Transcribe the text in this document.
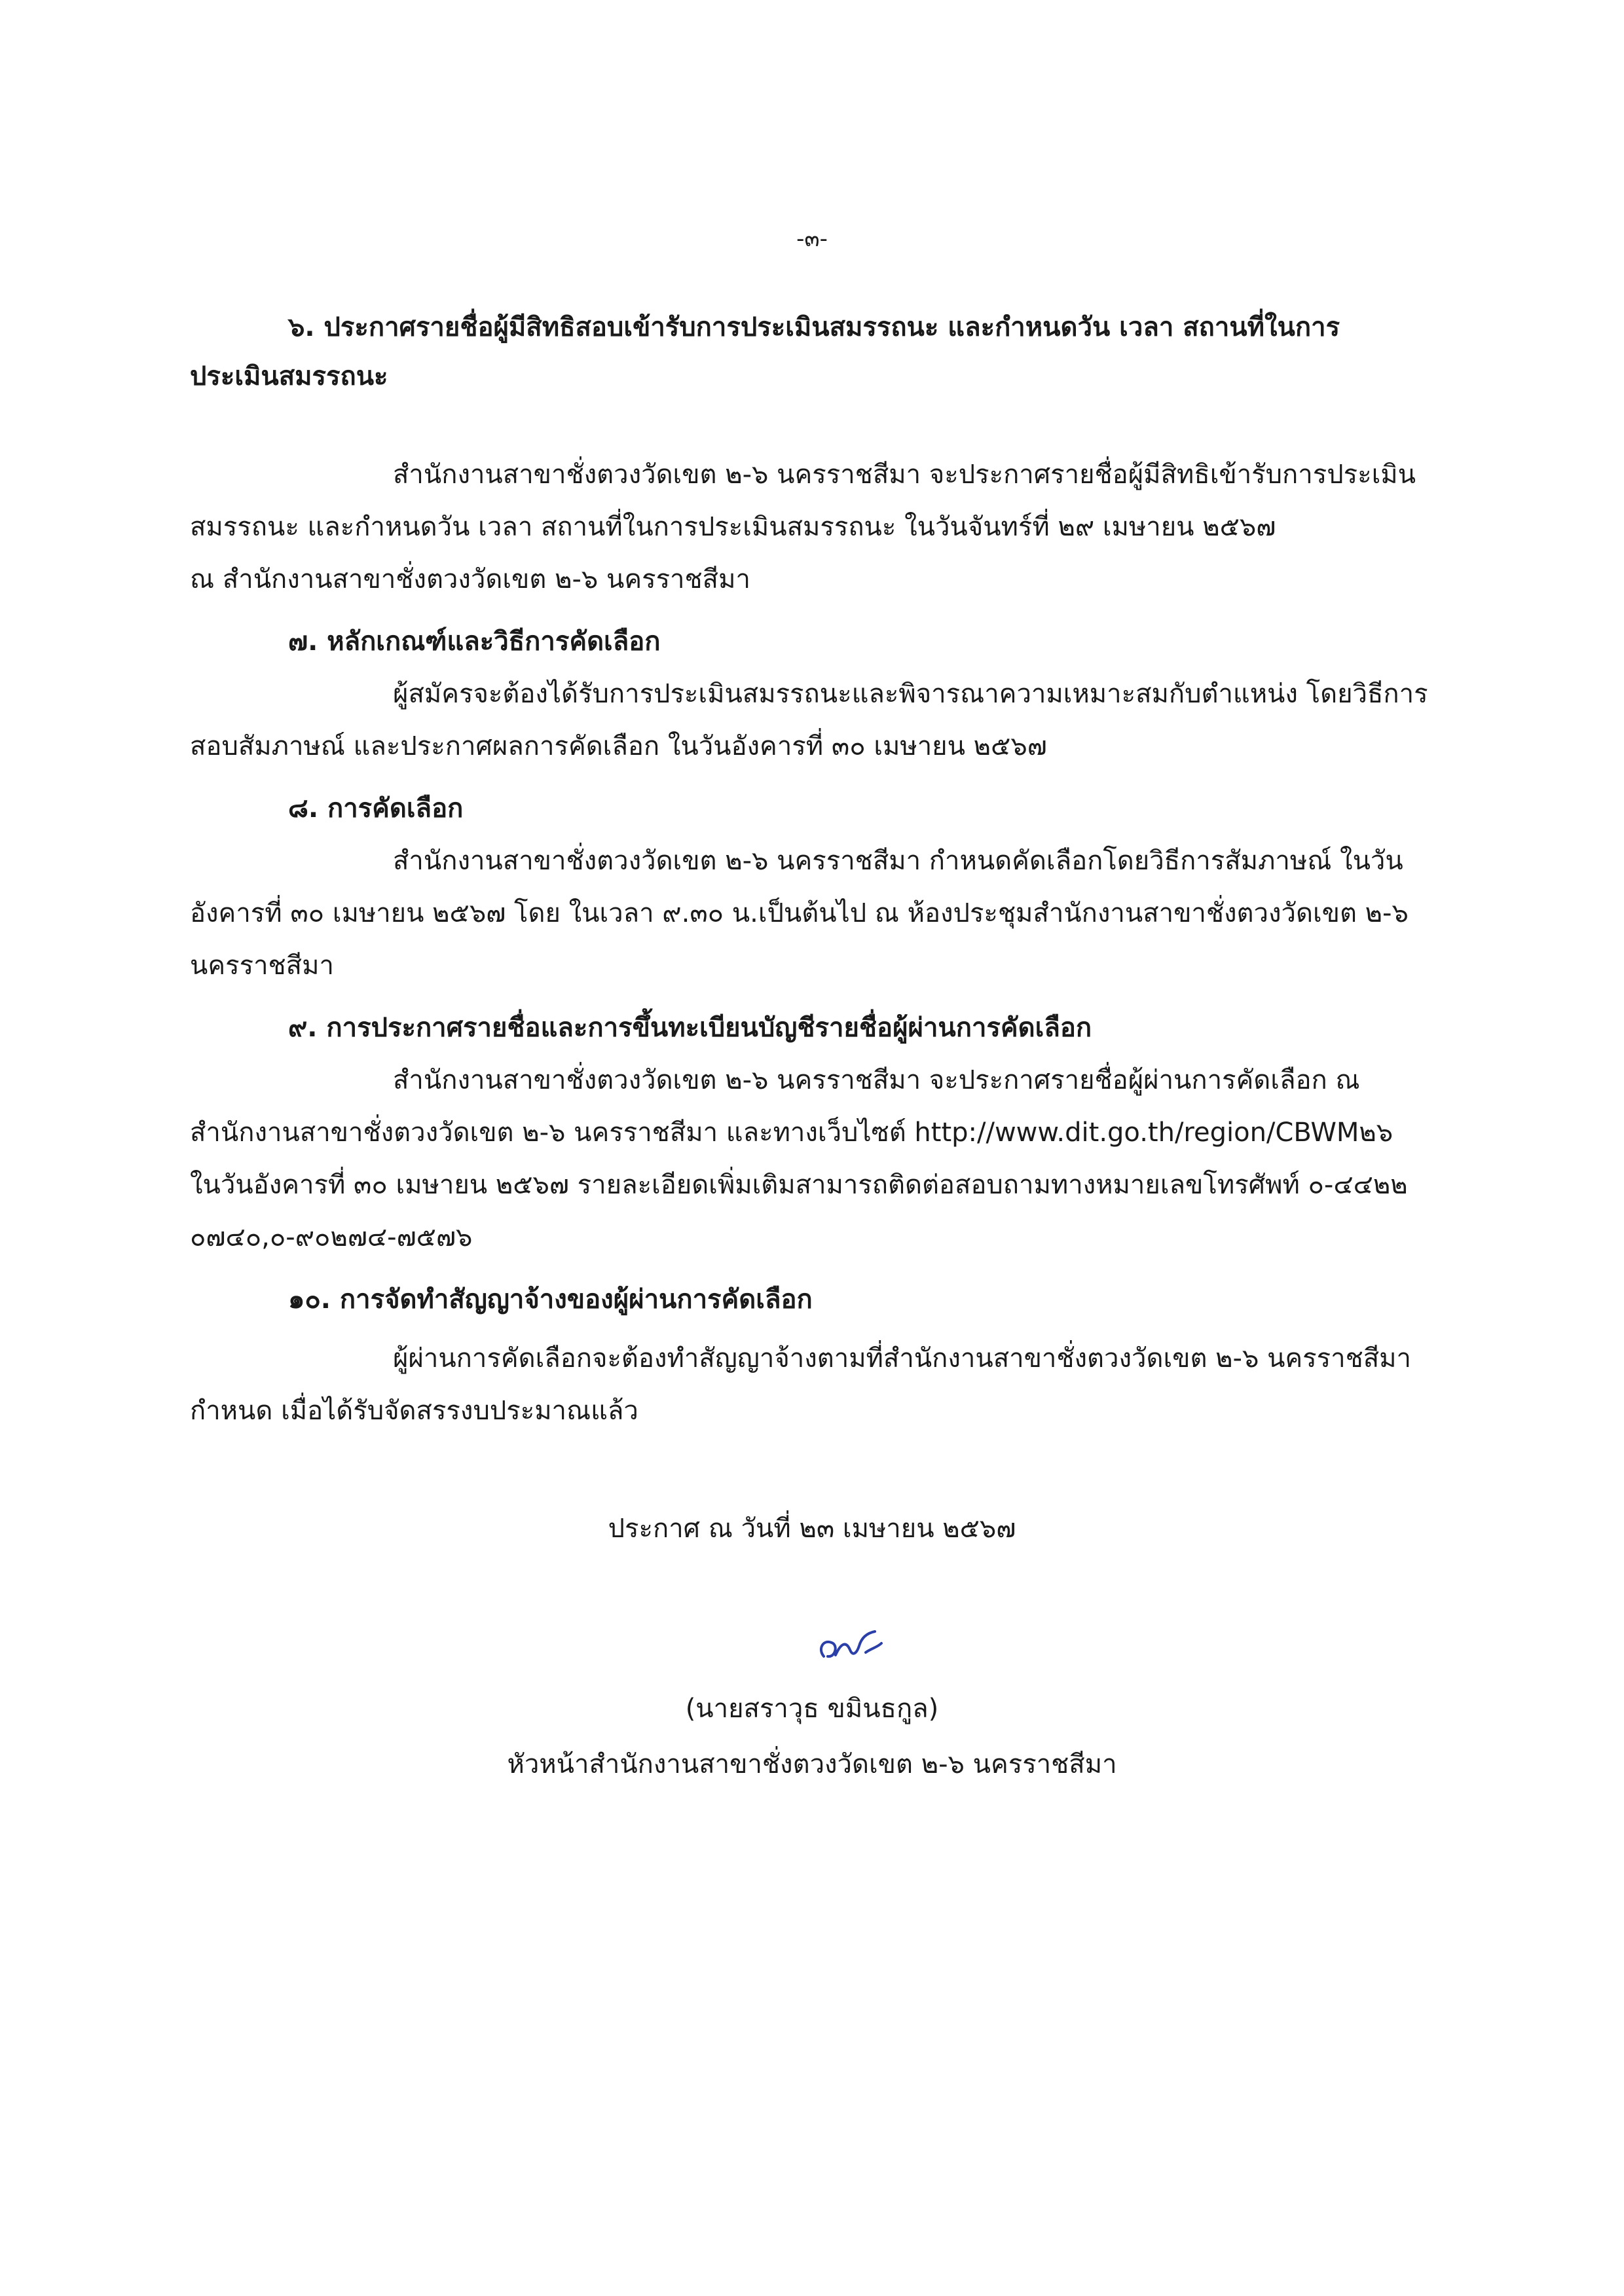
-๓-
๖. ประกาศรายชื่อผู้มีสิทธิสอบเข้ารับการประเมินสมรรถนะ และกำหนดวัน เวลา สถานที่ในการ
ประเมินสมรรถนะ
สำนักงานสาขาชั่งตวงวัดเขต ๒-๖ นครราชสีมา จะประกาศรายชื่อผู้มีสิทธิเข้ารับการประเมิน
สมรรถนะ และกำหนดวัน เวลา สถานที่ในการประเมินสมรรถนะ ในวันจันทร์ที่ ๒๙ เมษายน ๒๕๖๗
ณ สำนักงานสาขาชั่งตวงวัดเขต ๒-๖ นครราชสีมา
๗. หลักเกณฑ์และวิธีการคัดเลือก
ผู้สมัครจะต้องได้รับการประเมินสมรรถนะและพิจารณาความเหมาะสมกับตำแหน่ง โดยวิธีการ
สอบสัมภาษณ์ และประกาศผลการคัดเลือก ในวันอังคารที่ ๓๐ เมษายน ๒๕๖๗
๘. การคัดเลือก
สำนักงานสาขาชั่งตวงวัดเขต ๒-๖ นครราชสีมา กำหนดคัดเลือกโดยวิธีการสัมภาษณ์ ในวัน
อังคารที่ ๓๐ เมษายน ๒๕๖๗ โดย ในเวลา ๙.๓๐ น.เป็นต้นไป ณ ห้องประชุมสำนักงานสาขาชั่งตวงวัดเขต ๒-๖
นครราชสีมา
๙. การประกาศรายชื่อและการขึ้นทะเบียนบัญชีรายชื่อผู้ผ่านการคัดเลือก
สำนักงานสาขาชั่งตวงวัดเขต ๒-๖ นครราชสีมา จะประกาศรายชื่อผู้ผ่านการคัดเลือก ณ
สำนักงานสาขาชั่งตวงวัดเขต ๒-๖ นครราชสีมา และทางเว็บไซต์ http://www.dit.go.th/region/CBWM๒๖
ในวันอังคารที่ ๓๐ เมษายน ๒๕๖๗ รายละเอียดเพิ่มเติมสามารถติดต่อสอบถามทางหมายเลขโทรศัพท์ ๐-๔๔๒๒
๐๗๔๐,๐-๙๐๒๗๔-๗๕๗๖
๑๐. การจัดทำสัญญาจ้างของผู้ผ่านการคัดเลือก
ผู้ผ่านการคัดเลือกจะต้องทำสัญญาจ้างตามที่สำนักงานสาขาชั่งตวงวัดเขต ๒-๖ นครราชสีมา
กำหนด เมื่อได้รับจัดสรรงบประมาณแล้ว
ประกาศ ณ วันที่ ๒๓ เมษายน ๒๕๖๗
(นายสราวุธ ขมินธกูล)
หัวหน้าสำนักงานสาขาชั่งตวงวัดเขต ๒-๖ นครราชสีมา
